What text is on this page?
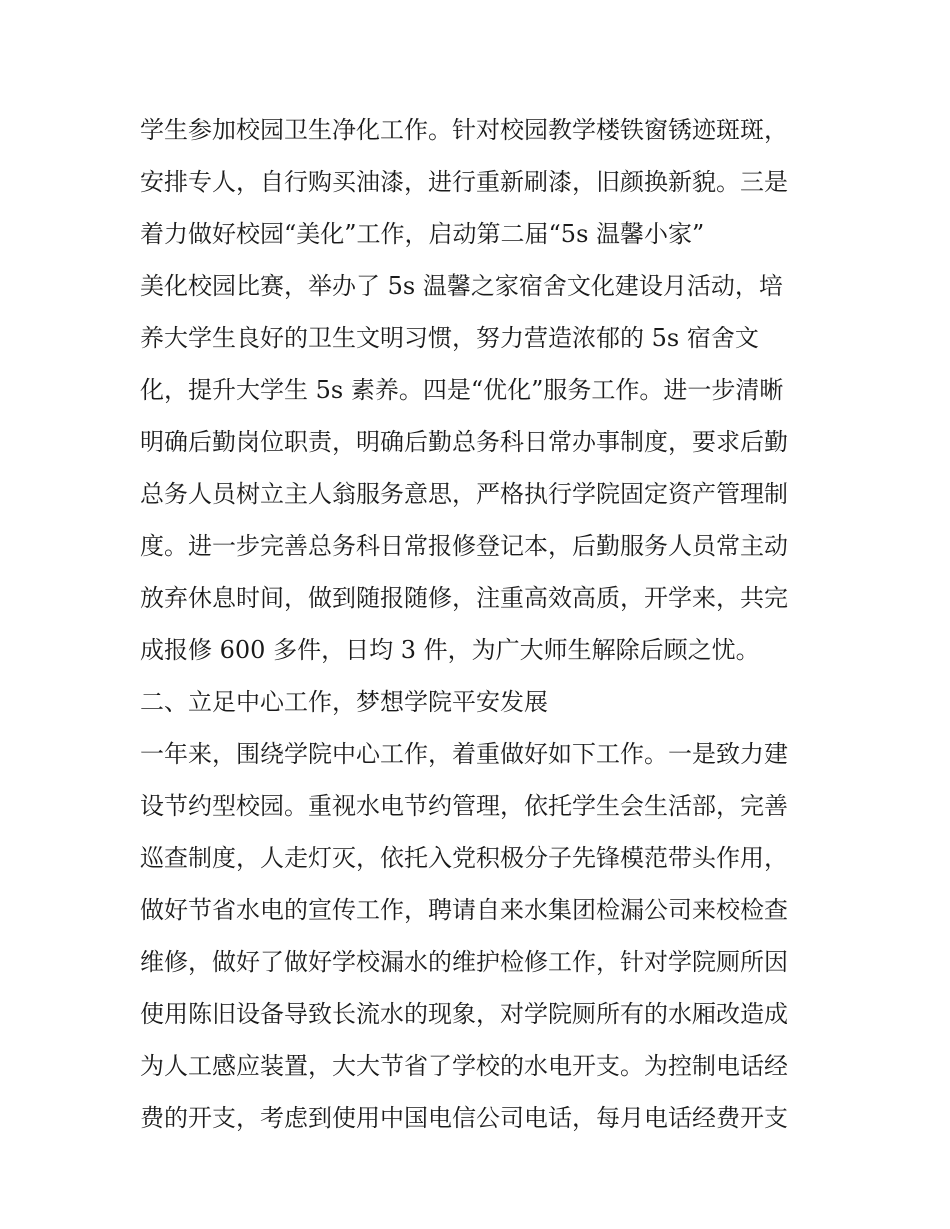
学生参加校园卫生净化工作。针对校园教学楼铁窗锈迹斑斑，
安排专人，自行购买油漆，进行重新刷漆，旧颜换新貌。三是
着力做好校园“美化”工作，启动第二届“5s 温馨小家”
美化校园比赛，举办了 5s 温馨之家宿舍文化建设月活动，培
养大学生良好的卫生文明习惯，努力营造浓郁的 5s 宿舍文
化，提升大学生 5s 素养。四是“优化”服务工作。进一步清晰
明确后勤岗位职责，明确后勤总务科日常办事制度，要求后勤
总务人员树立主人翁服务意思，严格执行学院固定资产管理制
度。进一步完善总务科日常报修登记本，后勤服务人员常主动
放弃休息时间，做到随报随修，注重高效高质，开学来，共完
成报修 600 多件，日均 3 件，为广大师生解除后顾之忧。
二、立足中心工作，梦想学院平安发展
一年来，围绕学院中心工作，着重做好如下工作。一是致力建
设节约型校园。重视水电节约管理，依托学生会生活部，完善
巡查制度，人走灯灭，依托入党积极分子先锋模范带头作用，
做好节省水电的宣传工作，聘请自来水集团检漏公司来校检查
维修，做好了做好学校漏水的维护检修工作，针对学院厕所因
使用陈旧设备导致长流水的现象，对学院厕所有的水厢改造成
为人工感应装置，大大节省了学校的水电开支。为控制电话经
费的开支，考虑到使用中国电信公司电话，每月电话经费开支
